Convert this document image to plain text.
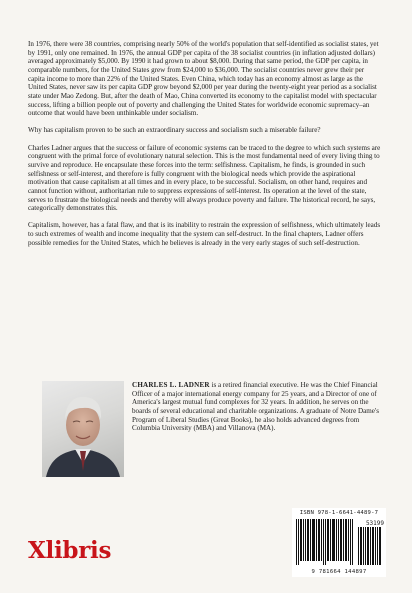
In 1976, there were 38 countries, comprising nearly 50% of the world's population that self-identified as socialist states, yet by 1991, only one remained. In 1976, the annual GDP per capita of the 38 socialist countries (in inflation adjusted dollars) averaged approximately $5,000. By 1990 it had grown to about $8,000. During that same period, the GDP per capita, in comparable numbers, for the United States grew from $24,000 to $36,000. The socialist countries never grew their per capita income to more than 22% of the United States. Even China, which today has an economy almost as large as the United States, never saw its per capita GDP grow beyond $2,000 per year during the twenty-eight year period as a socialist state under Mao Zedong. But, after the death of Mao, China converted its economy to the capitalist model with spectacular success, lifting a billion people out of poverty and challenging the United States for worldwide economic supremacy–an outcome that would have been unthinkable under socialism.

Why has capitalism proven to be such an extraordinary success and socialism such a miserable failure?

Charles Ladner argues that the success or failure of economic systems can be traced to the degree to which such systems are congruent with the primal force of evolutionary natural selection. This is the most fundamental need of every living thing to survive and reproduce. He encapsulate these forces into the term: selfishness. Capitalism, he finds, is grounded in such selfishness or self-interest, and therefore is fully congruent with the biological needs which provide the aspirational motivation that cause capitalism at all times and in every place, to be successful. Socialism, on other hand, requires and cannot function without, authoritarian rule to suppress expressions of self-interest. Its operation at the level of the state, serves to frustrate the biological needs and thereby will always produce poverty and failure. The historical record, he says, categorically demonstrates this.

Capitalism, however, has a fatal flaw, and that is its inability to restrain the expression of selfishness, which ultimately leads to such extremes of wealth and income inequality that the system can self-destruct. In the final chapters, Ladner offers possible remedies for the United States, which he believes is already in the very early stages of such self-destruction.

CHARLES L. LADNER is a retired financial executive. He was the Chief Financial Officer of a major international energy company for 25 years, and a Director of one of America's largest mutual fund complexes for 32 years. In addition, he serves on the boards of several educational and charitable organizations. A graduate of Notre Dame's Program of Liberal Studies (Great Books), he also holds advanced degrees from Columbia University (MBA) and Villanova (MA).
Xlibris
ISBN 978-1-6641-4489-7
53199
9 781664 144897
